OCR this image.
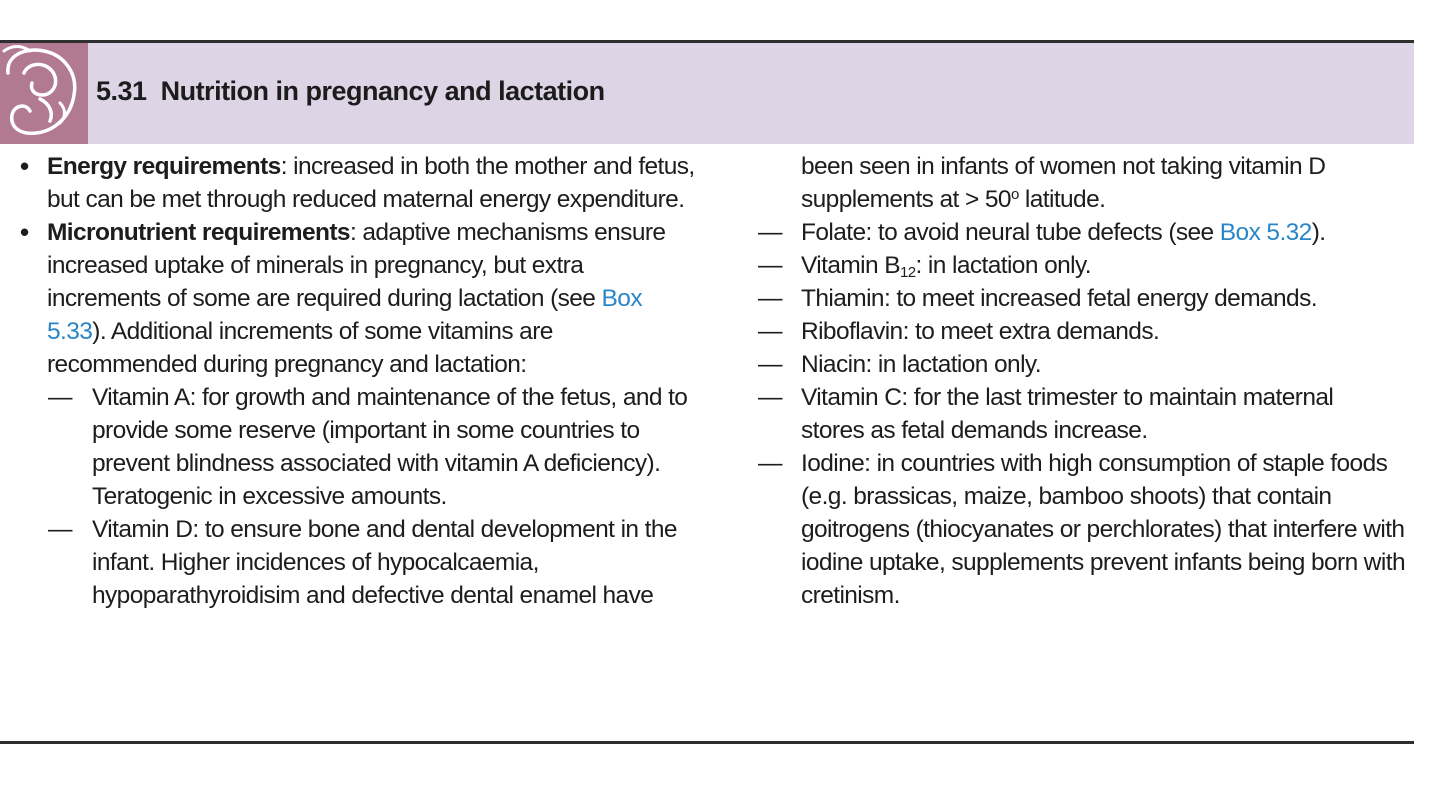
5.31 Nutrition in pregnancy and lactation
• Energy requirements: increased in both the mother and fetus,
but can be met through reduced maternal energy expenditure.
• Micronutrient requirements: adaptive mechanisms ensure
increased uptake of minerals in pregnancy, but extra
increments of some are required during lactation (see Box
5.33). Additional increments of some vitamins are
recommended during pregnancy and lactation:
— Vitamin A: for growth and maintenance of the fetus, and to
provide some reserve (important in some countries to
prevent blindness associated with vitamin A deficiency).
Teratogenic in excessive amounts.
— Vitamin D: to ensure bone and dental development in the
infant. Higher incidences of hypocalcaemia,
hypoparathyroidisim and defective dental enamel have
been seen in infants of women not taking vitamin D
supplements at > $50^o$ latitude.
— Folate: to avoid neural tube defects (see Box 5.32).
— Vitamin $B_{12}$: in lactation only.
— Thiamin: to meet increased fetal energy demands.
— Riboflavin: to meet extra demands.
— Niacin: in lactation only.
— Vitamin C: for the last trimester to maintain maternal
stores as fetal demands increase.
— Iodine: in countries with high consumption of staple foods
(e.g. brassicas, maize, bamboo shoots) that contain
goitrogens (thiocyanates or perchlorates) that interfere with
iodine uptake, supplements prevent infants being born with
cretinism.
